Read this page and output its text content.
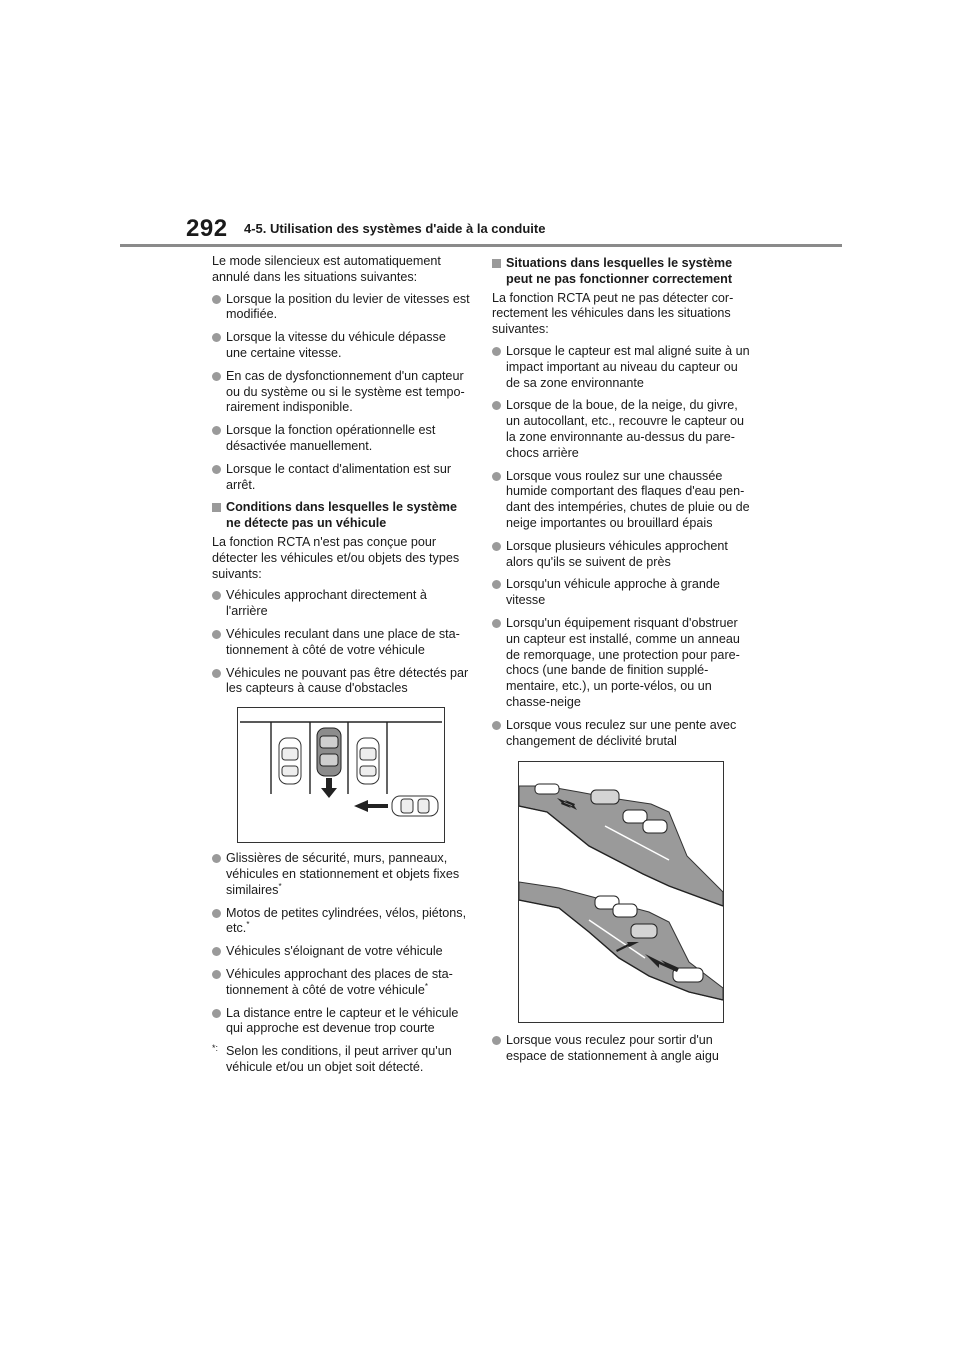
292 4-5. Utilisation des systèmes d'aide à la conduite

Le mode silencieux est automatiquement annulé dans les situations suivantes:

Lorsque la position du levier de vitesses est modifiée.
Lorsque la vitesse du véhicule dépasse une certaine vitesse.
En cas de dysfonctionnement d'un capteur ou du système ou si le système est tempo-rairement indisponible.
Lorsque la fonction opérationnelle est désactivée manuellement.
Lorsque le contact d'alimentation est sur arrêt.
Conditions dans lesquelles le système ne détecte pas un véhicule

La fonction RCTA n'est pas conçue pour détecter les véhicules et/ou objets des types suivants:

Véhicules approchant directement à l'arrière
Véhicules reculant dans une place de sta-tionnement à côté de votre véhicule
Véhicules ne pouvant pas être détectés par les capteurs à cause d'obstacles
Glissières de sécurité, murs, panneaux, véhicules en stationnement et objets fixes similaires*
Motos de petites cylindrées, vélos, piétons, etc.*
Véhicules s'éloignant de votre véhicule
Véhicules approchant des places de sta-tionnement à côté de votre véhicule*
La distance entre le capteur et le véhicule qui approche est devenue trop courte
*: Selon les conditions, il peut arriver qu'un véhicule et/ou un objet soit détecté.
Situations dans lesquelles le système peut ne pas fonctionner correctement

La fonction RCTA peut ne pas détecter cor-rectement les véhicules dans les situations suivantes:

Lorsque le capteur est mal aligné suite à un impact important au niveau du capteur ou de sa zone environnante
Lorsque de la boue, de la neige, du givre, un autocollant, etc., recouvre le capteur ou la zone environnante au-dessus du pare-chocs arrière
Lorsque vous roulez sur une chaussée humide comportant des flaques d'eau pen-dant des intempéries, chutes de pluie ou de neige importantes ou brouillard épais
Lorsque plusieurs véhicules approchent alors qu'ils se suivent de près
Lorsqu'un véhicule approche à grande vitesse
Lorsqu'un équipement risquant d'obstruer un capteur est installé, comme un anneau de remorquage, une protection pour pare-chocs (une bande de finition supplé-mentaire, etc.), un porte-vélos, ou un chasse-neige
Lorsque vous reculez sur une pente avec changement de déclivité brutal
Lorsque vous reculez pour sortir d'un espace de stationnement à angle aigu
